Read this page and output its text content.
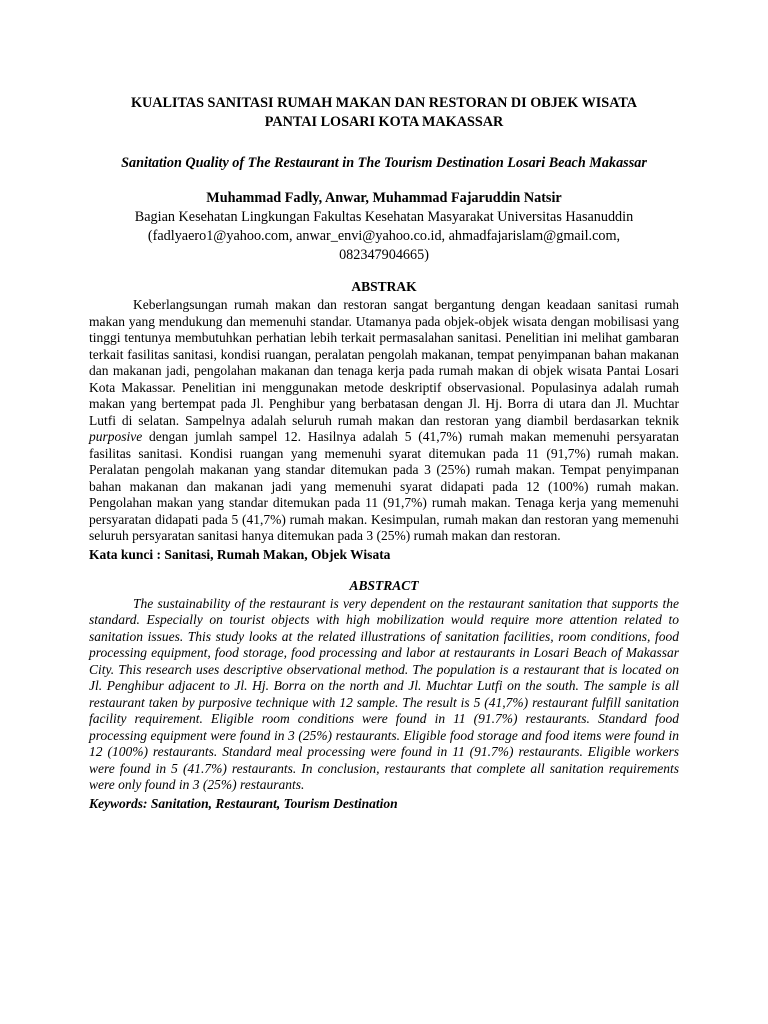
KUALITAS SANITASI RUMAH MAKAN DAN RESTORAN DI OBJEK WISATA
PANTAI LOSARI KOTA MAKASSAR
Sanitation Quality of The Restaurant in The Tourism Destination Losari Beach Makassar
Muhammad Fadly, Anwar, Muhammad Fajaruddin Natsir
Bagian Kesehatan Lingkungan Fakultas Kesehatan Masyarakat Universitas Hasanuddin
(fadlyaero1@yahoo.com, anwar_envi@yahoo.co.id, ahmadfajarislam@gmail.com,
082347904665)
ABSTRAK

Keberlangsungan rumah makan dan restoran sangat bergantung dengan keadaan sanitasi rumah makan yang mendukung dan memenuhi standar. Utamanya pada objek-objek wisata dengan mobilisasi yang tinggi tentunya membutuhkan perhatian lebih terkait permasalahan sanitasi. Penelitian ini melihat gambaran terkait fasilitas sanitasi, kondisi ruangan, peralatan pengolah makanan, tempat penyimpanan bahan makanan dan makanan jadi, pengolahan makanan dan tenaga kerja pada rumah makan di objek wisata Pantai Losari Kota Makassar. Penelitian ini menggunakan metode deskriptif observasional. Populasinya adalah rumah makan yang bertempat pada Jl. Penghibur yang berbatasan dengan Jl. Hj. Borra di utara dan Jl. Muchtar Lutfi di selatan. Sampelnya adalah seluruh rumah makan dan restoran yang diambil berdasarkan teknik purposive dengan jumlah sampel 12. Hasilnya adalah 5 (41,7%) rumah makan memenuhi persyaratan fasilitas sanitasi. Kondisi ruangan yang memenuhi syarat ditemukan pada 11 (91,7%) rumah makan. Peralatan pengolah makanan yang standar ditemukan pada 3 (25%) rumah makan. Tempat penyimpanan bahan makanan dan makanan jadi yang memenuhi syarat didapati pada 12 (100%) rumah makan. Pengolahan makan yang standar ditemukan pada 11 (91,7%) rumah makan. Tenaga kerja yang memenuhi persyaratan didapati pada 5 (41,7%) rumah makan. Kesimpulan, rumah makan dan restoran yang memenuhi seluruh persyaratan sanitasi hanya ditemukan pada 3 (25%) rumah makan dan restoran.

Kata kunci : Sanitasi, Rumah Makan, Objek Wisata
ABSTRACT

The sustainability of the restaurant is very dependent on the restaurant sanitation that supports the standard. Especially on tourist objects with high mobilization would require more attention related to sanitation issues. This study looks at the related illustrations of sanitation facilities, room conditions, food processing equipment, food storage, food processing and labor at restaurants in Losari Beach of Makassar City. This research uses descriptive observational method. The population is a restaurant that is located on Jl. Penghibur adjacent to Jl. Hj. Borra on the north and Jl. Muchtar Lutfi on the south. The sample is all restaurant taken by purposive technique with 12 sample. The result is 5 (41,7%) restaurant fulfill sanitation facility requirement. Eligible room conditions were found in 11 (91.7%) restaurants. Standard food processing equipment were found in 3 (25%) restaurants. Eligible food storage and food items were found in 12 (100%) restaurants. Standard meal processing were found in 11 (91.7%) restaurants. Eligible workers were found in 5 (41.7%) restaurants. In conclusion, restaurants that complete all sanitation requirements were only found in 3 (25%) restaurants.

Keywords: Sanitation, Restaurant, Tourism Destination
